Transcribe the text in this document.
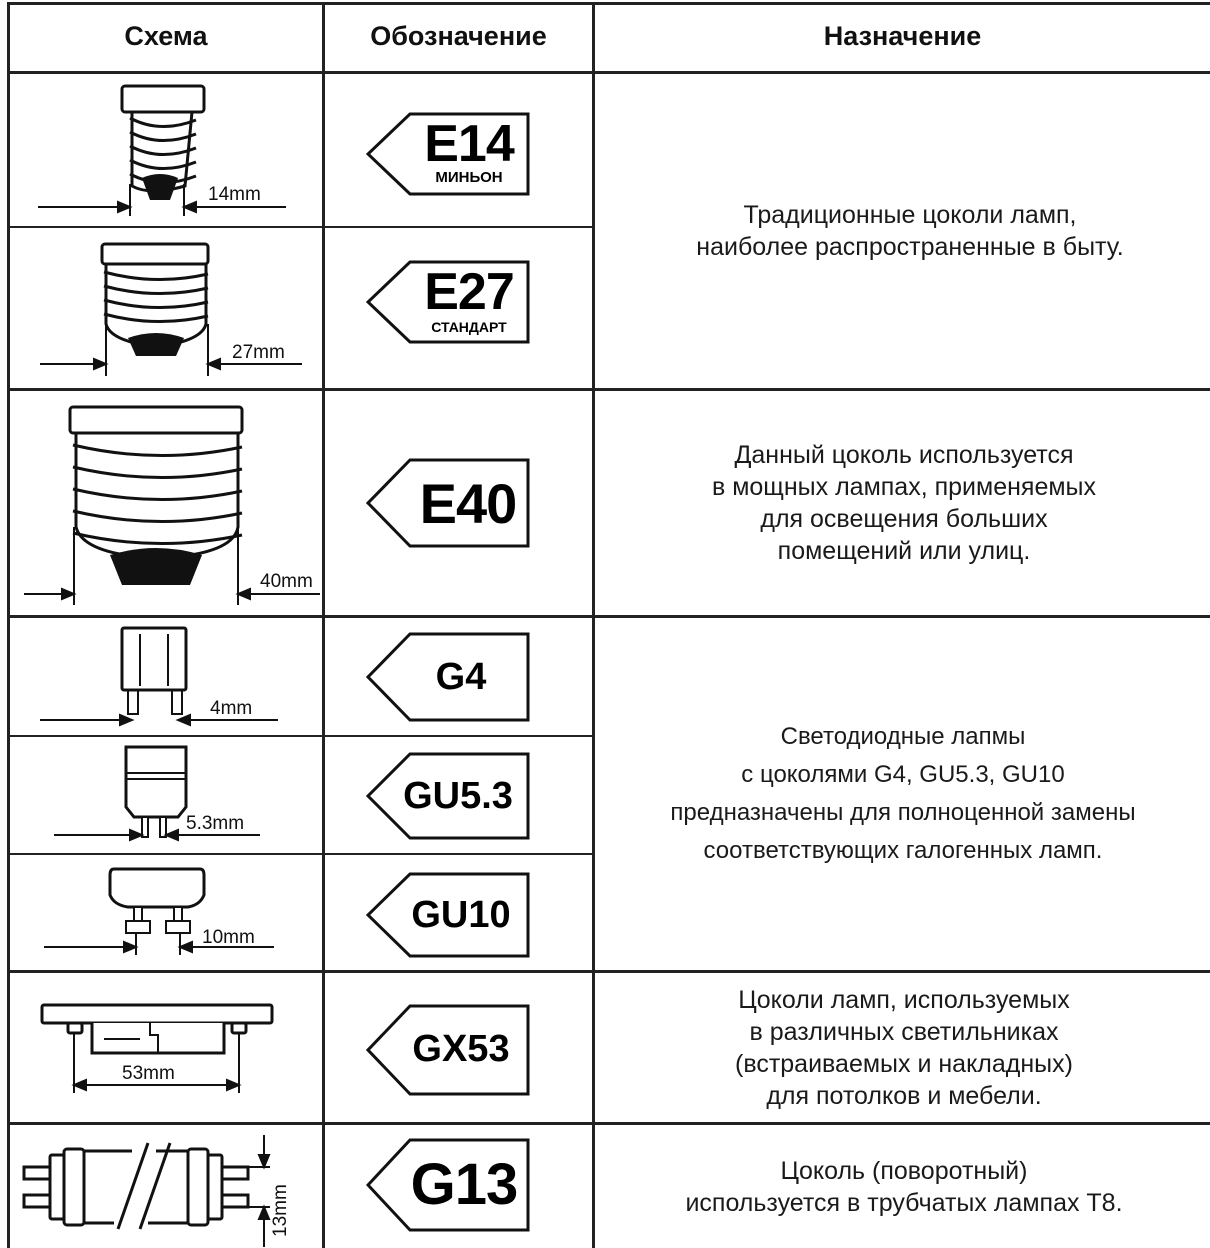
Схема	Обозначение	Назначение
14mm
27mm
40mm
4mm
5.3mm
10mm
53mm
13mm
E14
МИНЬОН
E27
СТАНДАРТ
E40
G4
GU5.3
GU10
GX53
G13
Традиционные цоколи ламп,
наиболее распространенные в быту.
Данный цоколь используется
в мощных лампах, применяемых
для освещения больших
помещений или улиц.
Светодиодные лапмы
с цоколями G4, GU5.3, GU10
предназначены для полноценной замены
соответствующих галогенных ламп.
Цоколи ламп, используемых
в различных светильниках
(встраиваемых и накладных)
для потолков и мебели.
Цоколь (поворотный)
используется в трубчатых лампах Т8.
